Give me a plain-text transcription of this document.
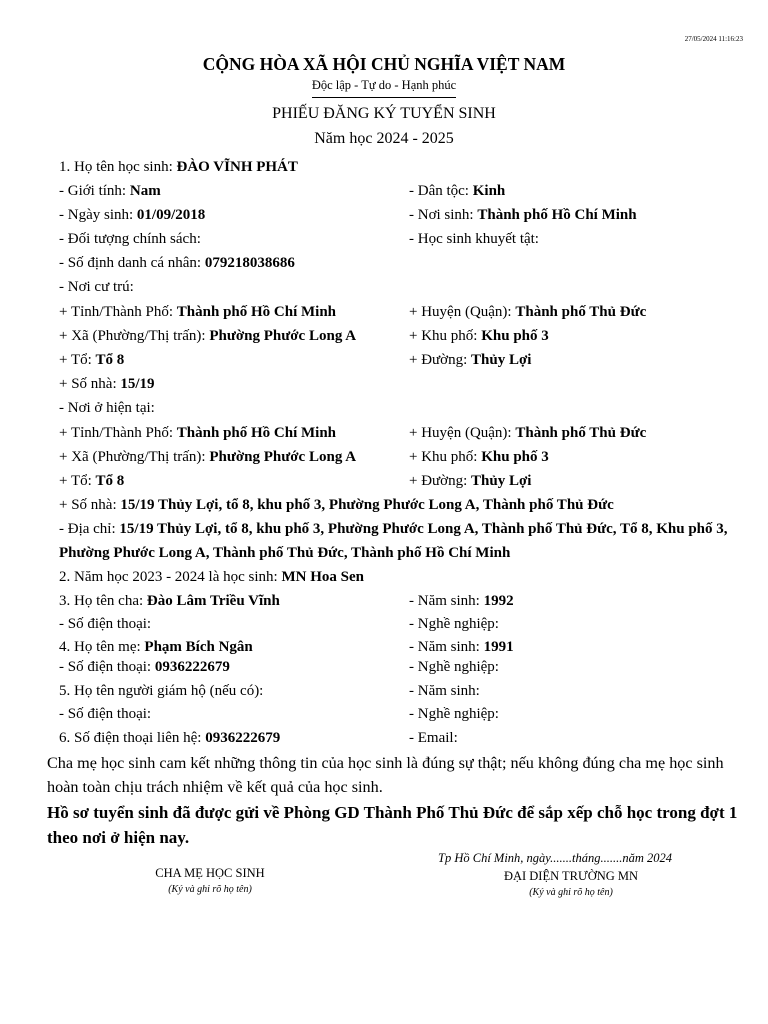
27/05/2024 11:16:23
CỘNG HÒA XÃ HỘI CHỦ NGHĨA VIỆT NAM
Độc lập - Tự do - Hạnh phúc
PHIẾU ĐĂNG KÝ TUYỂN SINH
Năm học 2024 - 2025
1. Họ tên học sinh: ĐÀO VĨNH PHÁT
- Giới tính: Nam	- Dân tộc: Kinh
- Ngày sinh: 01/09/2018	- Nơi sinh: Thành phố Hồ Chí Minh
- Đối tượng chính sách:	- Học sinh khuyết tật:
- Số định danh cá nhân: 079218038686
- Nơi cư trú:
+ Tỉnh/Thành Phố: Thành phố Hồ Chí Minh	+ Huyện (Quận): Thành phố Thủ Đức
+ Xã (Phường/Thị trấn): Phường Phước Long A	+ Khu phố: Khu phố 3
+ Tổ: Tổ 8	+ Đường: Thủy Lợi
+ Số nhà: 15/19
- Nơi ở hiện tại:
+ Tỉnh/Thành Phố: Thành phố Hồ Chí Minh	+ Huyện (Quận): Thành phố Thủ Đức
+ Xã (Phường/Thị trấn): Phường Phước Long A	+ Khu phố: Khu phố 3
+ Tổ: Tổ 8	+ Đường: Thủy Lợi
+ Số nhà: 15/19 Thủy Lợi, tổ 8, khu phố 3, Phường Phước Long A, Thành phố Thủ Đức
- Địa chỉ: 15/19 Thủy Lợi, tổ 8, khu phố 3, Phường Phước Long A, Thành phố Thủ Đức, Tổ 8, Khu phố 3, Phường Phước Long A, Thành phố Thủ Đức, Thành phố Hồ Chí Minh
2. Năm học 2023 - 2024 là học sinh: MN Hoa Sen
3. Họ tên cha: Đào Lâm Triều Vĩnh	- Năm sinh: 1992
- Số điện thoại:	- Nghề nghiệp:
4. Họ tên mẹ: Phạm Bích Ngân	- Năm sinh: 1991
- Số điện thoại: 0936222679	- Nghề nghiệp:
5. Họ tên người giám hộ (nếu có):	- Năm sinh:
- Số điện thoại:	- Nghề nghiệp:
6. Số điện thoại liên hệ: 0936222679	- Email:
Cha mẹ học sinh cam kết những thông tin của học sinh là đúng sự thật; nếu không đúng cha mẹ học sinh hoàn toàn chịu trách nhiệm về kết quả của học sinh.
Hồ sơ tuyển sinh đã được gửi về Phòng GD Thành Phố Thủ Đức để sắp xếp chỗ học trong đợt 1 theo nơi ở hiện nay.
Tp Hồ Chí Minh, ngày.......tháng.......năm 2024
CHA MẸ HỌC SINH
(Ký và ghi rõ họ tên)
ĐẠI DIỆN TRƯỜNG MN
(Ký và ghi rõ họ tên)
